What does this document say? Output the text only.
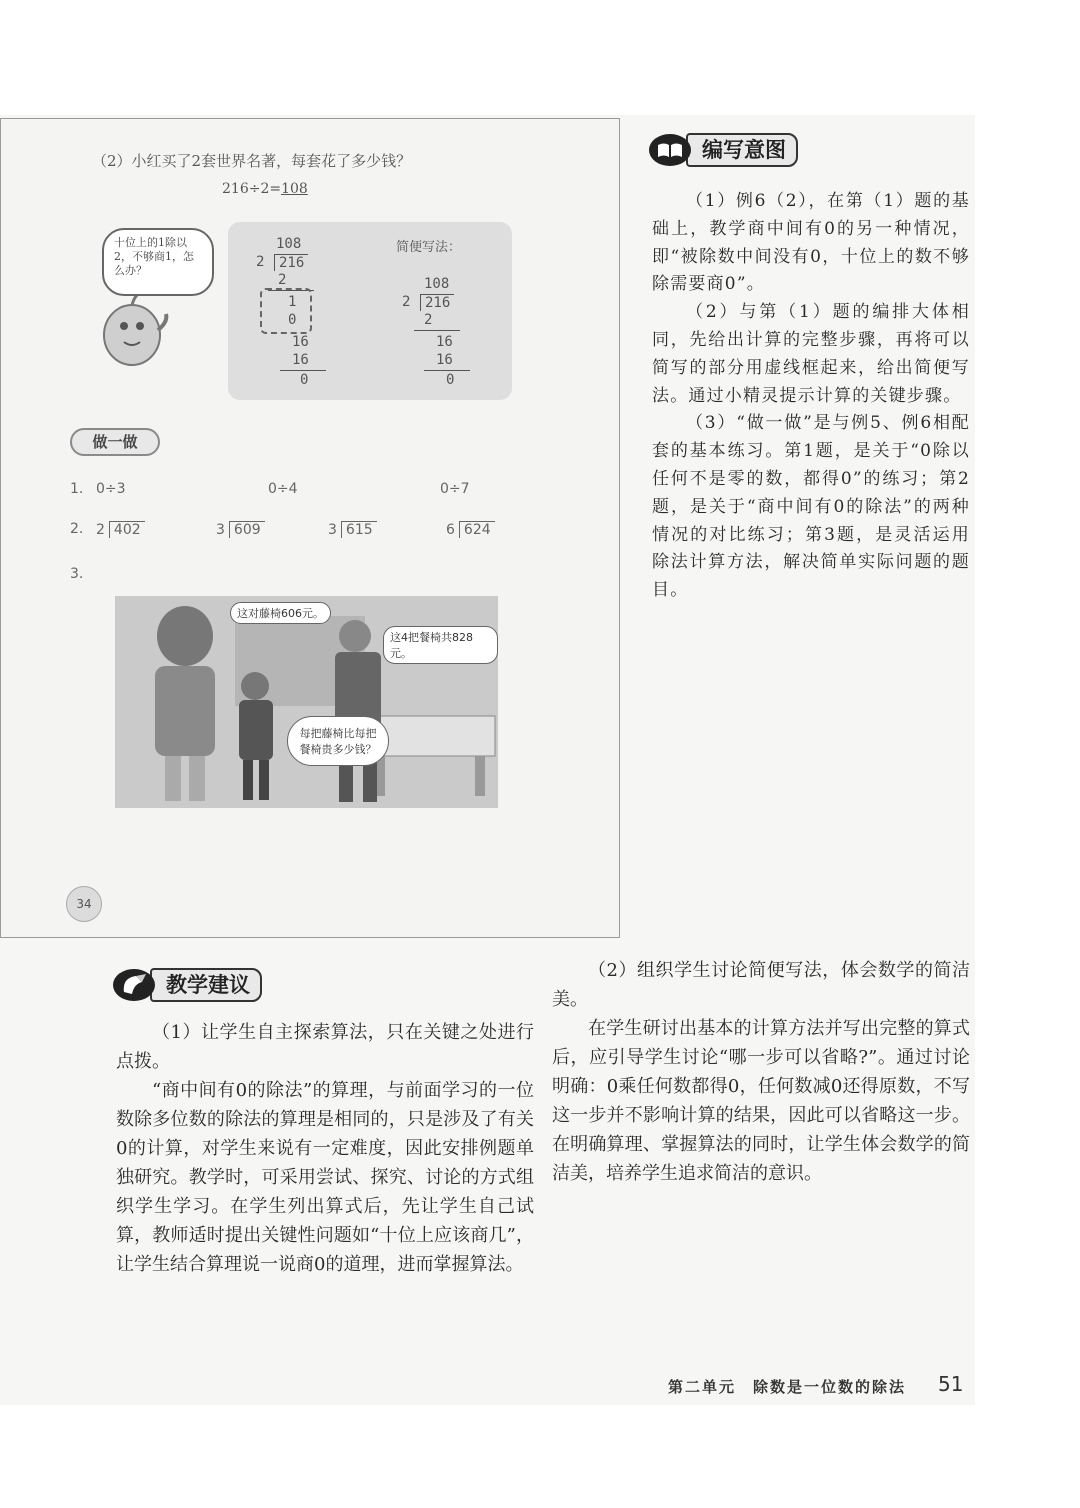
（2）小红买了2套世界名著，每套花了多少钱？
216÷2=108
十位上的1除以2，不够商1，怎么办？
108
2	216
2
1
0
16
16
0
简便写法：
108
2	216
2
16
16
0
做一做
1. 0÷3	0÷4	0÷7
2. 2 402	3 609	3 615	6 624
3.
这对藤椅606元。
这4把餐椅共828元。
每把藤椅比每把餐椅贵多少钱？
34
编写意图

（1）例6（2），在第（1）题的基础上，教学商中间有0的另一种情况，即“被除数中间没有0，十位上的数不够除需要商0”。

（2）与第（1）题的编排大体相同，先给出计算的完整步骤，再将可以简写的部分用虚线框起来，给出简便写法。通过小精灵提示计算的关键步骤。

（3）“做一做”是与例5、例6相配套的基本练习。第1题，是关于“0除以任何不是零的数，都得0”的练习；第2题，是关于“商中间有0的除法”的两种情况的对比练习；第3题，是灵活运用除法计算方法，解决简单实际问题的题目。

教学建议

（1）让学生自主探索算法，只在关键之处进行点拨。

“商中间有0的除法”的算理，与前面学习的一位数除多位数的除法的算理是相同的，只是涉及了有关0的计算，对学生来说有一定难度，因此安排例题单独研究。教学时，可采用尝试、探究、讨论的方式组织学生学习。在学生列出算式后，先让学生自己试算，教师适时提出关键性问题如“十位上应该商几”，让学生结合算理说一说商0的道理，进而掌握算法。

（2）组织学生讨论简便写法，体会数学的简洁美。

在学生研讨出基本的计算方法并写出完整的算式后，应引导学生讨论“哪一步可以省略?”。通过讨论明确：0乘任何数都得0，任何数减0还得原数，不写这一步并不影响计算的结果，因此可以省略这一步。在明确算理、掌握算法的同时，让学生体会数学的简洁美，培养学生追求简洁的意识。

第二单元　除数是一位数的除法 51
